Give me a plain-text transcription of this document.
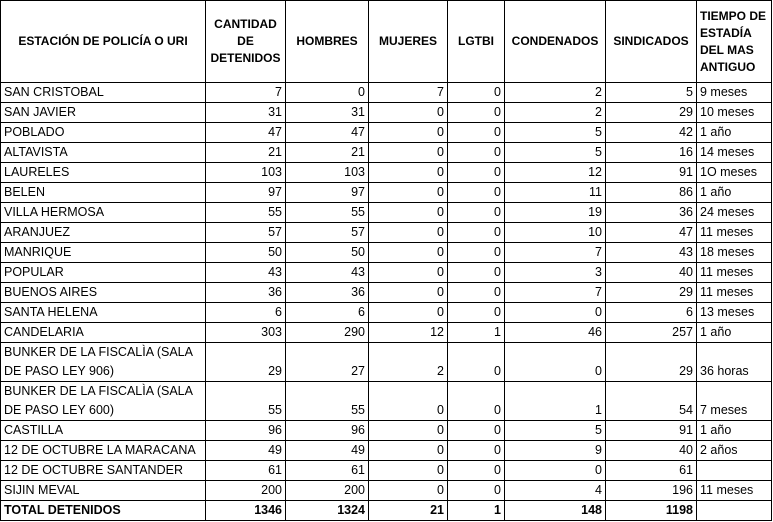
ESTACIÓN DE POLICÍA O URI	CANTIDAD DE DETENIDOS	HOMBRES	MUJERES	LGTBI	CONDENADOS	SINDICADOS	TIEMPO DE ESTADÍA DEL MAS ANTIGUO
SAN CRISTOBAL	7	0	7	0	2	5	9 meses
SAN JAVIER	31	31	0	0	2	29	10 meses
POBLADO	47	47	0	0	5	42	1 año
ALTAVISTA	21	21	0	0	5	16	14 meses
LAURELES	103	103	0	0	12	91	1O meses
BELEN	97	97	0	0	11	86	1 año
VILLA HERMOSA	55	55	0	0	19	36	24 meses
ARANJUEZ	57	57	0	0	10	47	11 meses
MANRIQUE	50	50	0	0	7	43	18 meses
POPULAR	43	43	0	0	3	40	11 meses
BUENOS AIRES	36	36	0	0	7	29	11 meses
SANTA HELENA	6	6	0	0	0	6	13 meses
CANDELARIA	303	290	12	1	46	257	1 año
BUNKER DE LA FISCALÌA (SALA DE PASO LEY 906)	29	27	2	0	0	29	36 horas
BUNKER DE LA FISCALÌA (SALA DE PASO LEY 600)	55	55	0	0	1	54	7 meses
CASTILLA	96	96	0	0	5	91	1 año
12 DE OCTUBRE LA MARACANA	49	49	0	0	9	40	2 años
12 DE OCTUBRE SANTANDER	61	61	0	0	0	61	
SIJIN MEVAL	200	200	0	0	4	196	11 meses
TOTAL DETENIDOS	1346	1324	21	1	148	1198	
